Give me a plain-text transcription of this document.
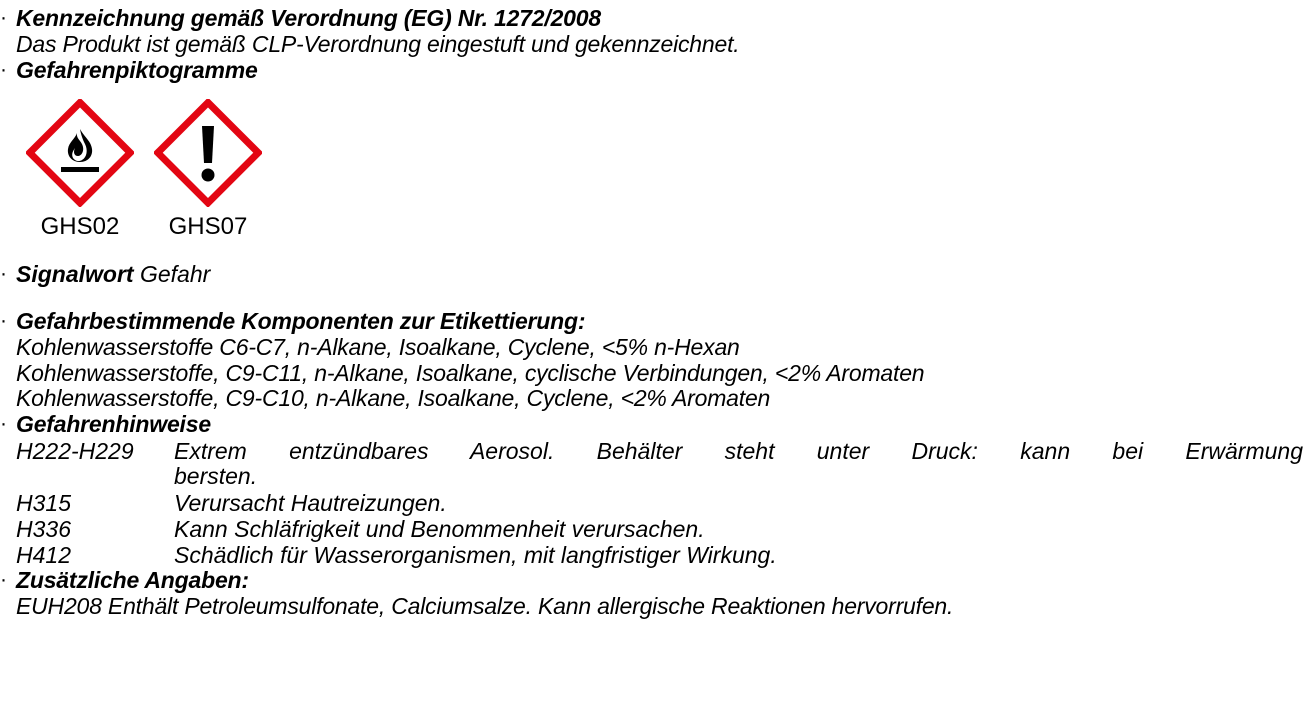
· Kennzeichnung gemäß Verordnung (EG) Nr. 1272/2008
Das Produkt ist gemäß CLP-Verordnung eingestuft und gekennzeichnet.
· Gefahrenpiktogramme
GHS02	GHS07
· Signalwort Gefahr
· Gefahrbestimmende Komponenten zur Etikettierung:
Kohlenwasserstoffe C6-C7, n-Alkane, Isoalkane, Cyclene, <5% n-Hexan
Kohlenwasserstoffe, C9-C11, n-Alkane, Isoalkane, cyclische Verbindungen, <2% Aromaten
Kohlenwasserstoffe, C9-C10, n-Alkane, Isoalkane, Cyclene, <2% Aromaten
· Gefahrenhinweise
H222-H229	Extrem entzündbares Aerosol. Behälter steht unter Druck: kann bei Erwärmung
bersten.
H315	Verursacht Hautreizungen.
H336	Kann Schläfrigkeit und Benommenheit verursachen.
H412	Schädlich für Wasserorganismen, mit langfristiger Wirkung.
· Zusätzliche Angaben:
EUH208 Enthält Petroleumsulfonate, Calciumsalze. Kann allergische Reaktionen hervorrufen.
